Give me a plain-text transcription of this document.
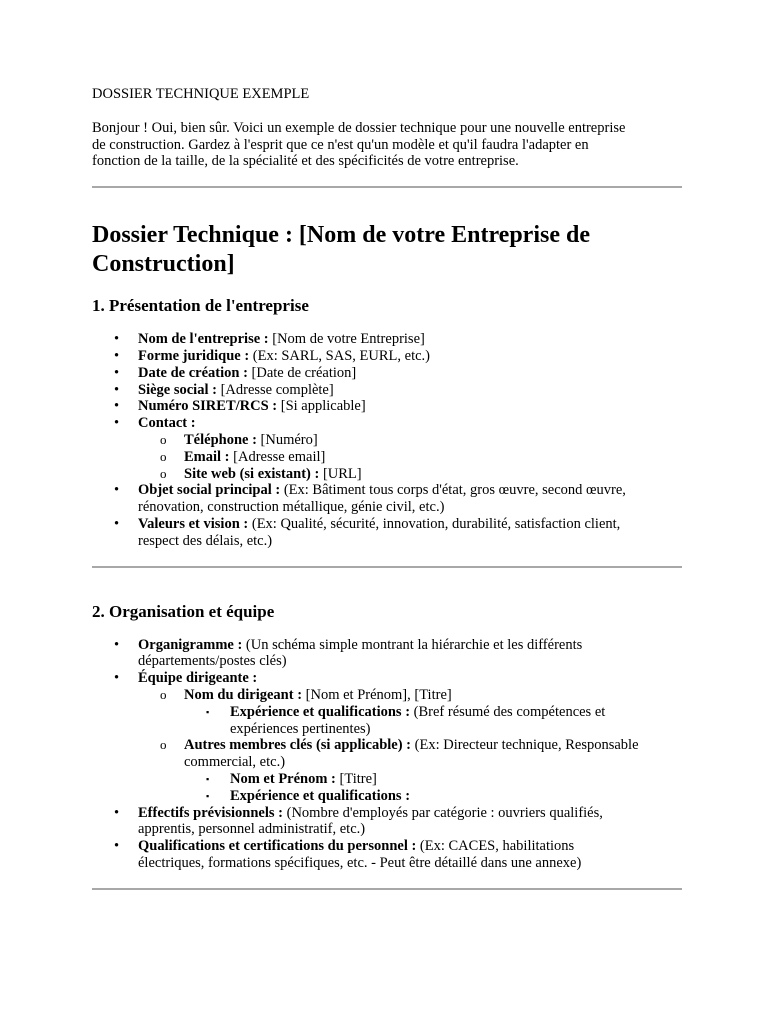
DOSSIER TECHNIQUE EXEMPLE
Bonjour ! Oui, bien sûr. Voici un exemple de dossier technique pour une nouvelle entreprise
de construction. Gardez à l'esprit que ce n'est qu'un modèle et qu'il faudra l'adapter en
fonction de la taille, de la spécialité et des spécificités de votre entreprise.
Dossier Technique : [Nom de votre Entreprise de
Construction]
1. Présentation de l'entreprise
• Nom de l'entreprise : [Nom de votre Entreprise]
• Forme juridique : (Ex: SARL, SAS, EURL, etc.)
• Date de création : [Date de création]
• Siège social : [Adresse complète]
• Numéro SIRET/RCS : [Si applicable]
• Contact :
o Téléphone : [Numéro]
o Email : [Adresse email]
o Site web (si existant) : [URL]
• Objet social principal : (Ex: Bâtiment tous corps d'état, gros œuvre, second œuvre,
rénovation, construction métallique, génie civil, etc.)
• Valeurs et vision : (Ex: Qualité, sécurité, innovation, durabilité, satisfaction client,
respect des délais, etc.)
2. Organisation et équipe
• Organigramme : (Un schéma simple montrant la hiérarchie et les différents
départements/postes clés)
• Équipe dirigeante :
o Nom du dirigeant : [Nom et Prénom], [Titre]
▪ Expérience et qualifications : (Bref résumé des compétences et
expériences pertinentes)
o Autres membres clés (si applicable) : (Ex: Directeur technique, Responsable
commercial, etc.)
▪ Nom et Prénom : [Titre]
▪ Expérience et qualifications :
• Effectifs prévisionnels : (Nombre d'employés par catégorie : ouvriers qualifiés,
apprentis, personnel administratif, etc.)
• Qualifications et certifications du personnel : (Ex: CACES, habilitations
électriques, formations spécifiques, etc. - Peut être détaillé dans une annexe)
